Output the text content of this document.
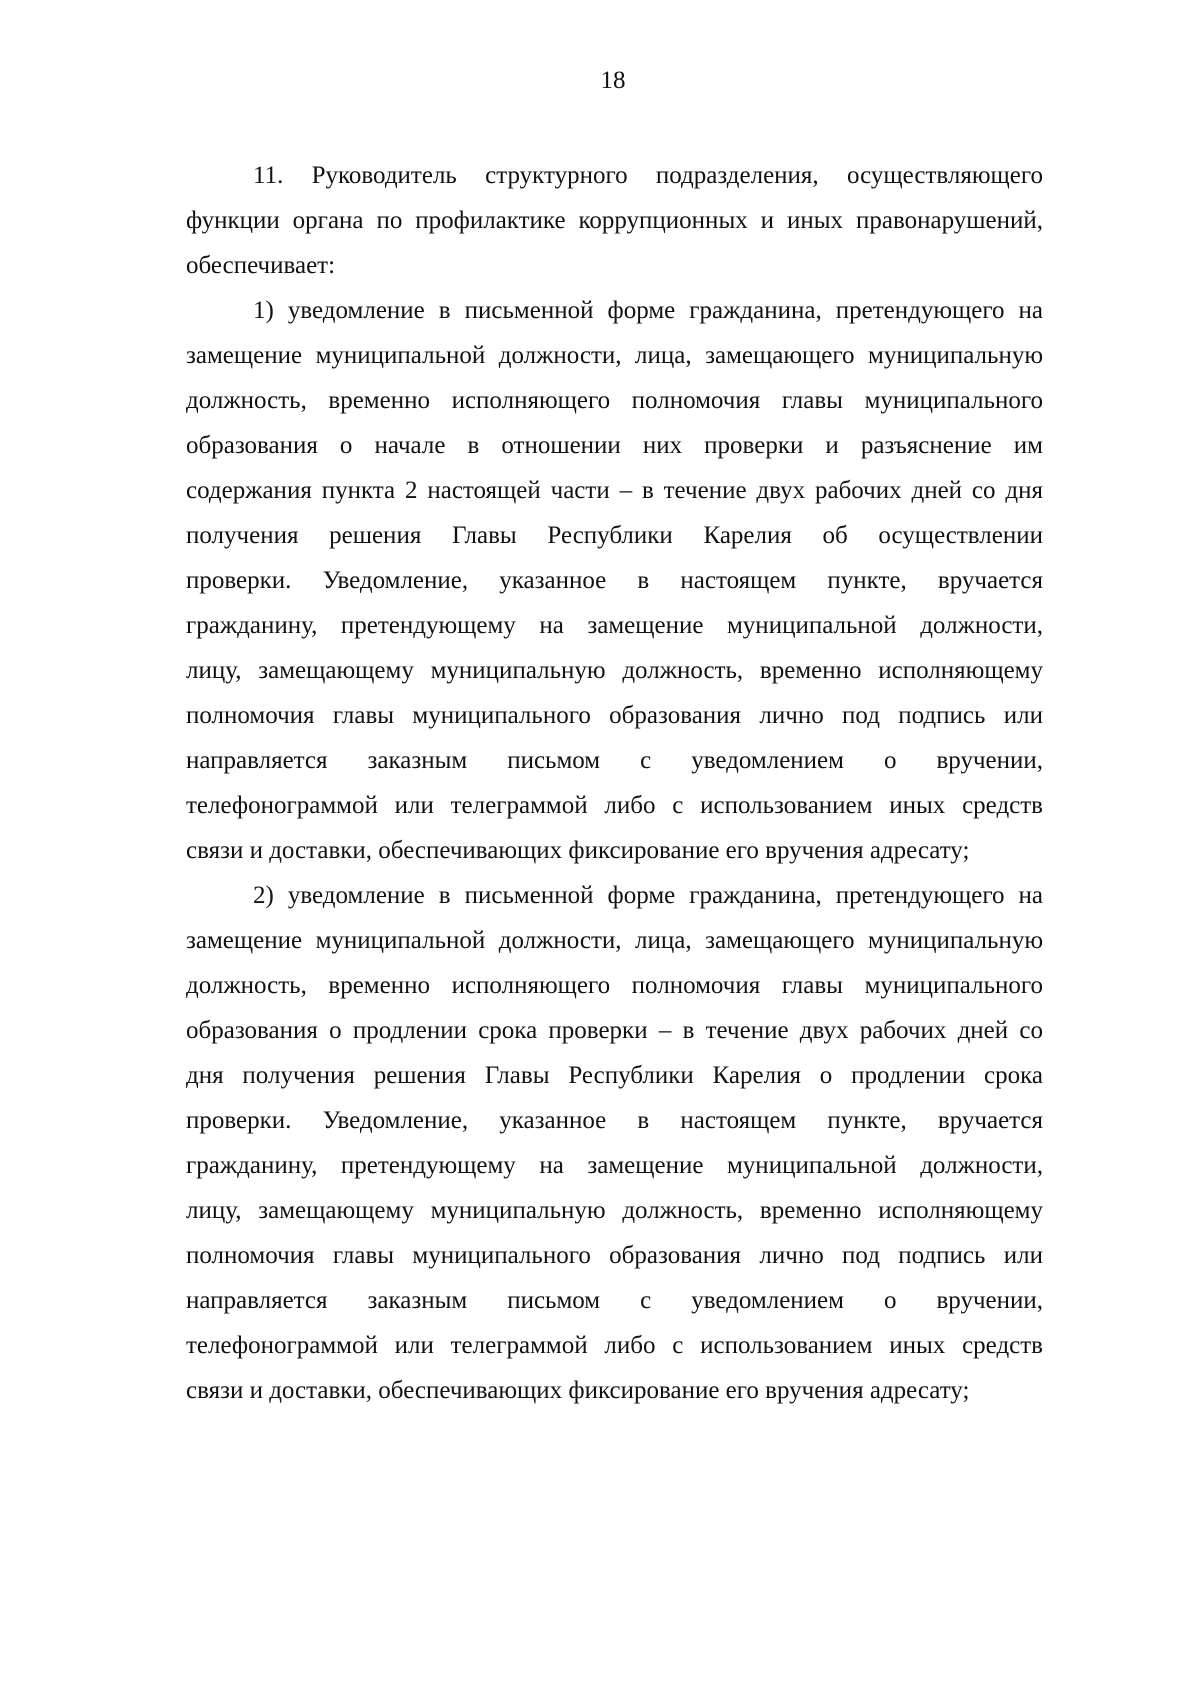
18
11. Руководитель структурного подразделения, осуществляющего
функции органа по профилактике коррупционных и иных правонарушений,
обеспечивает:
1) уведомление в письменной форме гражданина, претендующего на
замещение муниципальной должности, лица, замещающего муниципальную
должность, временно исполняющего полномочия главы муниципального
образования о начале в отношении них проверки и разъяснение им
содержания пункта 2 настоящей части – в течение двух рабочих дней со дня
получения решения Главы Республики Карелия об осуществлении
проверки. Уведомление, указанное в настоящем пункте, вручается
гражданину, претендующему на замещение муниципальной должности,
лицу, замещающему муниципальную должность, временно исполняющему
полномочия главы муниципального образования лично под подпись или
направляется заказным письмом с уведомлением о вручении,
телефонограммой или телеграммой либо с использованием иных средств
связи и доставки, обеспечивающих фиксирование его вручения адресату;
2) уведомление в письменной форме гражданина, претендующего на
замещение муниципальной должности, лица, замещающего муниципальную
должность, временно исполняющего полномочия главы муниципального
образования о продлении срока проверки – в течение двух рабочих дней со
дня получения решения Главы Республики Карелия о продлении срока
проверки. Уведомление, указанное в настоящем пункте, вручается
гражданину, претендующему на замещение муниципальной должности,
лицу, замещающему муниципальную должность, временно исполняющему
полномочия главы муниципального образования лично под подпись или
направляется заказным письмом с уведомлением о вручении,
телефонограммой или телеграммой либо с использованием иных средств
связи и доставки, обеспечивающих фиксирование его вручения адресату;
